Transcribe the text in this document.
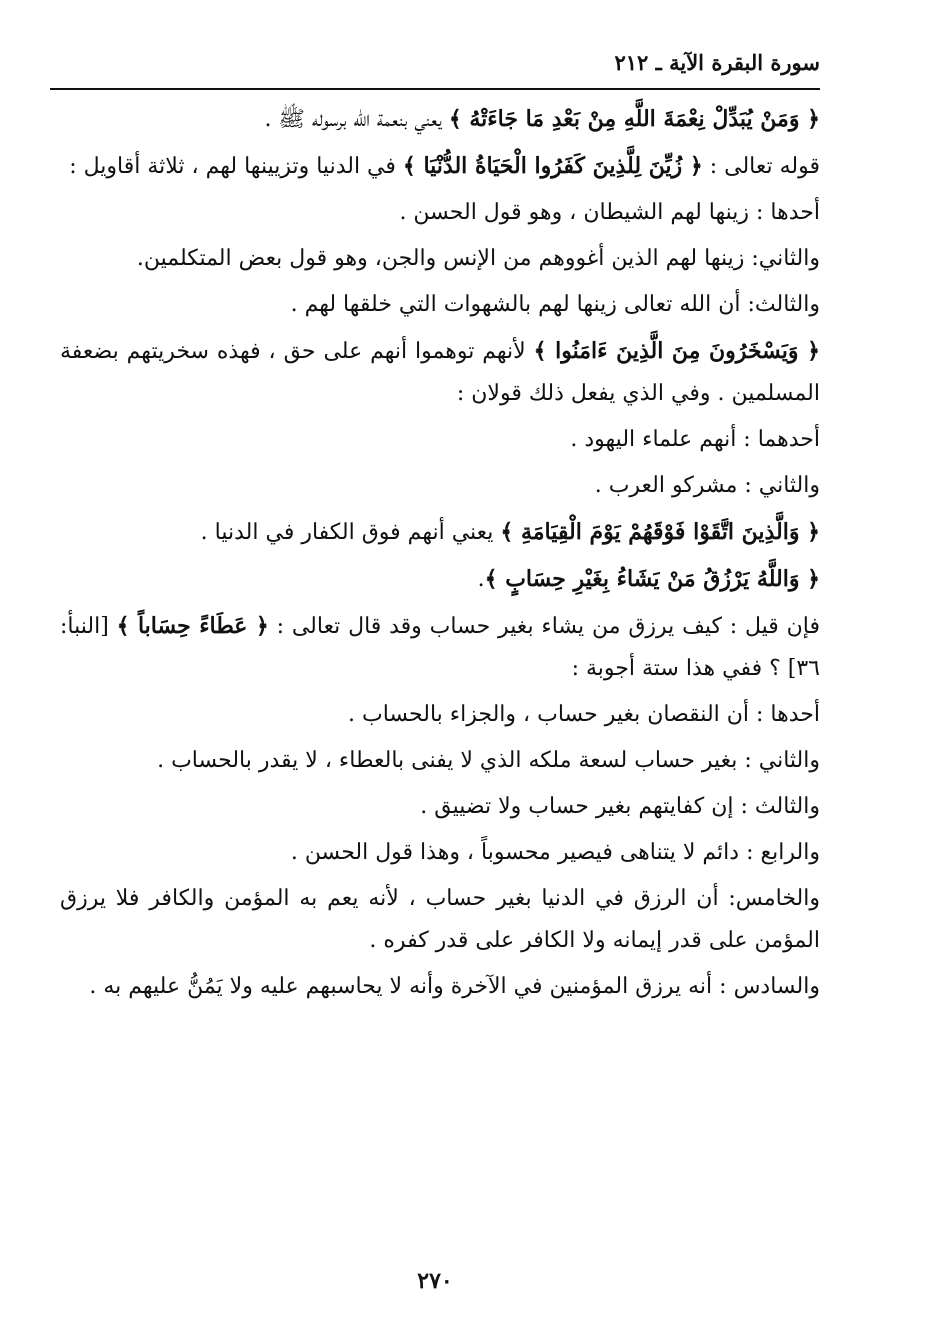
سورة البقرة الآية ـ ٢١٢

﴿ وَمَنْ يُبَدِّلْ نِعْمَةَ اللَّهِ مِنْ بَعْدِ مَا جَاءَتْهُ ﴾ يعني بنعمة الله برسوله ﷺ .

قوله تعالى : ﴿ زُيِّنَ لِلَّذِينَ كَفَرُوا الْحَيَاةُ الدُّنْيَا ﴾ في الدنيا وتزيينها لهم ، ثلاثة أقاويل :

أحدها : زينها لهم الشيطان ، وهو قول الحسن .

والثاني: زينها لهم الذين أغووهم من الإنس والجن، وهو قول بعض المتكلمين.

والثالث: أن الله تعالى زينها لهم بالشهوات التي خلقها لهم .

﴿ وَيَسْخَرُونَ مِنَ الَّذِينَ ءَامَنُوا ﴾ لأنهم توهموا أنهم على حق ، فهذه سخريتهم بضعفة المسلمين . وفي الذي يفعل ذلك قولان :

أحدهما : أنهم علماء اليهود .

والثاني : مشركو العرب .

﴿ وَالَّذِينَ اتَّقَوْا فَوْقَهُمْ يَوْمَ الْقِيَامَةِ ﴾ يعني أنهم فوق الكفار في الدنيا .

﴿ وَاللَّهُ يَرْزُقُ مَنْ يَشَاءُ بِغَيْرِ حِسَابٍ ﴾.

فإن قيل : كيف يرزق من يشاء بغير حساب وقد قال تعالى : ﴿ عَطَاءً حِسَاباً ﴾ [النبأ: ٣٦] ؟ ففي هذا ستة أجوبة :

أحدها : أن النقصان بغير حساب ، والجزاء بالحساب .

والثاني : بغير حساب لسعة ملكه الذي لا يفنى بالعطاء ، لا يقدر بالحساب .

والثالث : إن كفايتهم بغير حساب ولا تضييق .

والرابع : دائم لا يتناهى فيصير محسوباً ، وهذا قول الحسن .

والخامس: أن الرزق في الدنيا بغير حساب ، لأنه يعم به المؤمن والكافر فلا يرزق المؤمن على قدر إيمانه ولا الكافر على قدر كفره .

والسادس : أنه يرزق المؤمنين في الآخرة وأنه لا يحاسبهم عليه ولا يَمُنُّ عليهم به .

٢٧٠
